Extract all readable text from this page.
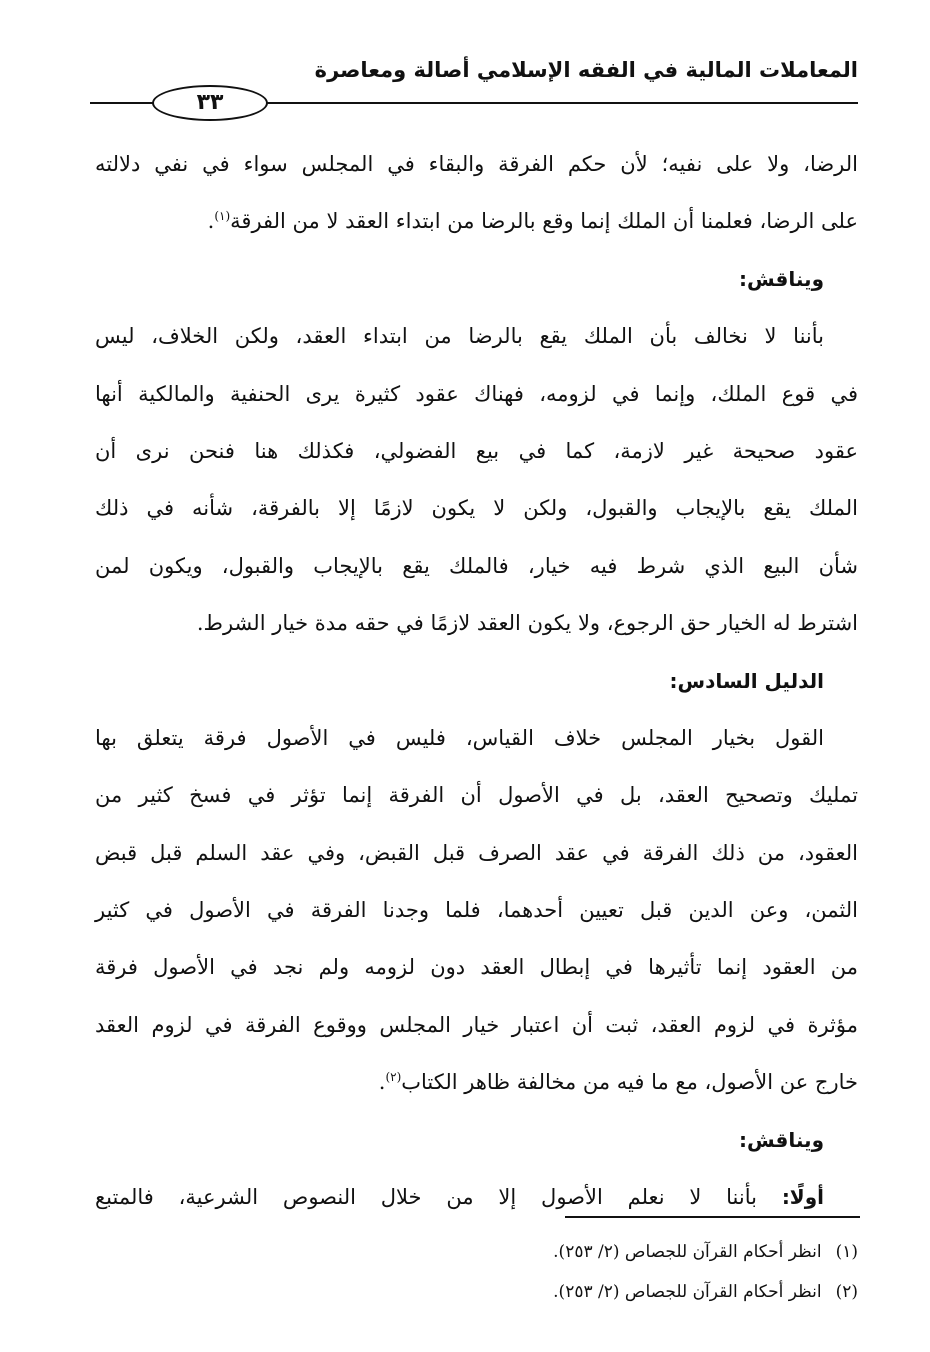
المعاملات المالية في الفقه الإسلامي أصالة ومعاصرة
٣٣
الرضا، ولا على نفيه؛ لأن حكم الفرقة والبقاء في المجلس سواء في نفي دلالته
على الرضا، فعلمنا أن الملك إنما وقع بالرضا من ابتداء العقد لا من الفرقة$^{(١)}$.
ويناقش:
بأننا لا نخالف بأن الملك يقع بالرضا من ابتداء العقد، ولكن الخلاف، ليس
في قوع الملك، وإنما في لزومه، فهناك عقود كثيرة يرى الحنفية والمالكية أنها
عقود صحيحة غير لازمة، كما في بيع الفضولي، فكذلك هنا فنحن نرى أن
الملك يقع بالإيجاب والقبول، ولكن لا يكون لازمًا إلا بالفرقة، شأنه في ذلك
شأن البيع الذي شرط فيه خيار، فالملك يقع بالإيجاب والقبول، ويكون لمن
اشترط له الخيار حق الرجوع، ولا يكون العقد لازمًا في حقه مدة خيار الشرط.
الدليل السادس:
القول بخيار المجلس خلاف القياس، فليس في الأصول فرقة يتعلق بها
تمليك وتصحيح العقد، بل في الأصول أن الفرقة إنما تؤثر في فسخ كثير من
العقود، من ذلك الفرقة في عقد الصرف قبل القبض، وفي عقد السلم قبل قبض
الثمن، وعن الدين قبل تعيين أحدهما، فلما وجدنا الفرقة في الأصول في كثير
من العقود إنما تأثيرها في إبطال العقد دون لزومه ولم نجد في الأصول فرقة
مؤثرة في لزوم العقد، ثبت أن اعتبار خيار المجلس ووقوع الفرقة في لزوم العقد
خارج عن الأصول، مع ما فيه من مخالفة ظاهر الكتاب$^{(٢)}$.
ويناقش:
أولًا: بأننا لا نعلم الأصول إلا من خلال النصوص الشرعية، فالمتبع
(١)انظر أحكام القرآن للجصاص (٢/ ٢٥٣).
(٢)انظر أحكام القرآن للجصاص (٢/ ٢٥٣).
